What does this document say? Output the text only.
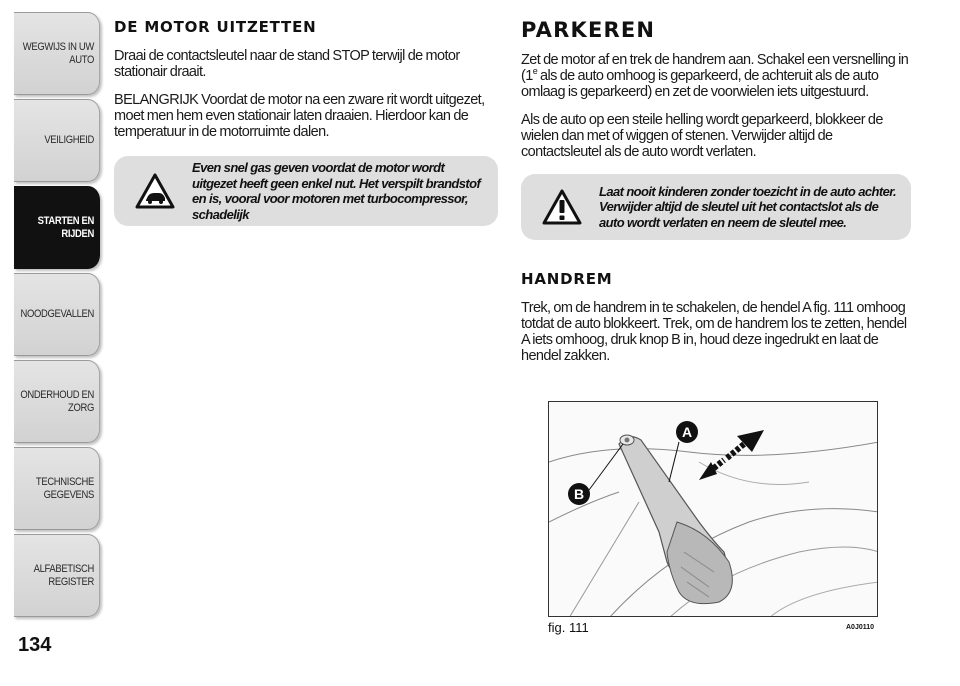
WEGWIJS IN UW AUTO
VEILIGHEID
STARTEN EN RIJDEN
NOODGEVALLEN
ONDERHOUD EN ZORG
TECHNISCHE GEGEVENS
ALFABETISCH REGISTER
134
DE MOTOR UITZETTEN

Draai de contactsleutel naar de stand STOP terwijl de motor stationair draait.

BELANGRIJK Voordat de motor na een zware rit wordt uitgezet, moet men hem even stationair laten draaien. Hierdoor kan de temperatuur in de motorruimte dalen.

Even snel gas geven voordat de motor wordt uitgezet heeft geen enkel nut. Het verspilt brandstof en is, vooral voor motoren met turbocompressor, schadelijk
PARKEREN

Zet de motor af en trek de handrem aan. Schakel een versnelling in (1e als de auto omhoog is geparkeerd, de achteruit als de auto omlaag is geparkeerd) en zet de voorwielen iets uitgestuurd.

Als de auto op een steile helling wordt geparkeerd, blokkeer de wielen dan met of wiggen of stenen. Verwijder altijd de contactsleutel als de auto wordt verlaten.

Laat nooit kinderen zonder toezicht in de auto achter. Verwijder altijd de sleutel uit het contactslot als de auto wordt verlaten en neem de sleutel mee.
HANDREM

Trek, om de handrem in te schakelen, de hendel A fig. 111 omhoog totdat de auto blokkeert. Trek, om de handrem los te zetten, hendel A iets omhoog, druk knop B in, houd deze ingedrukt en laat de hendel zakken.

A
B
fig. 111	A0J0110
